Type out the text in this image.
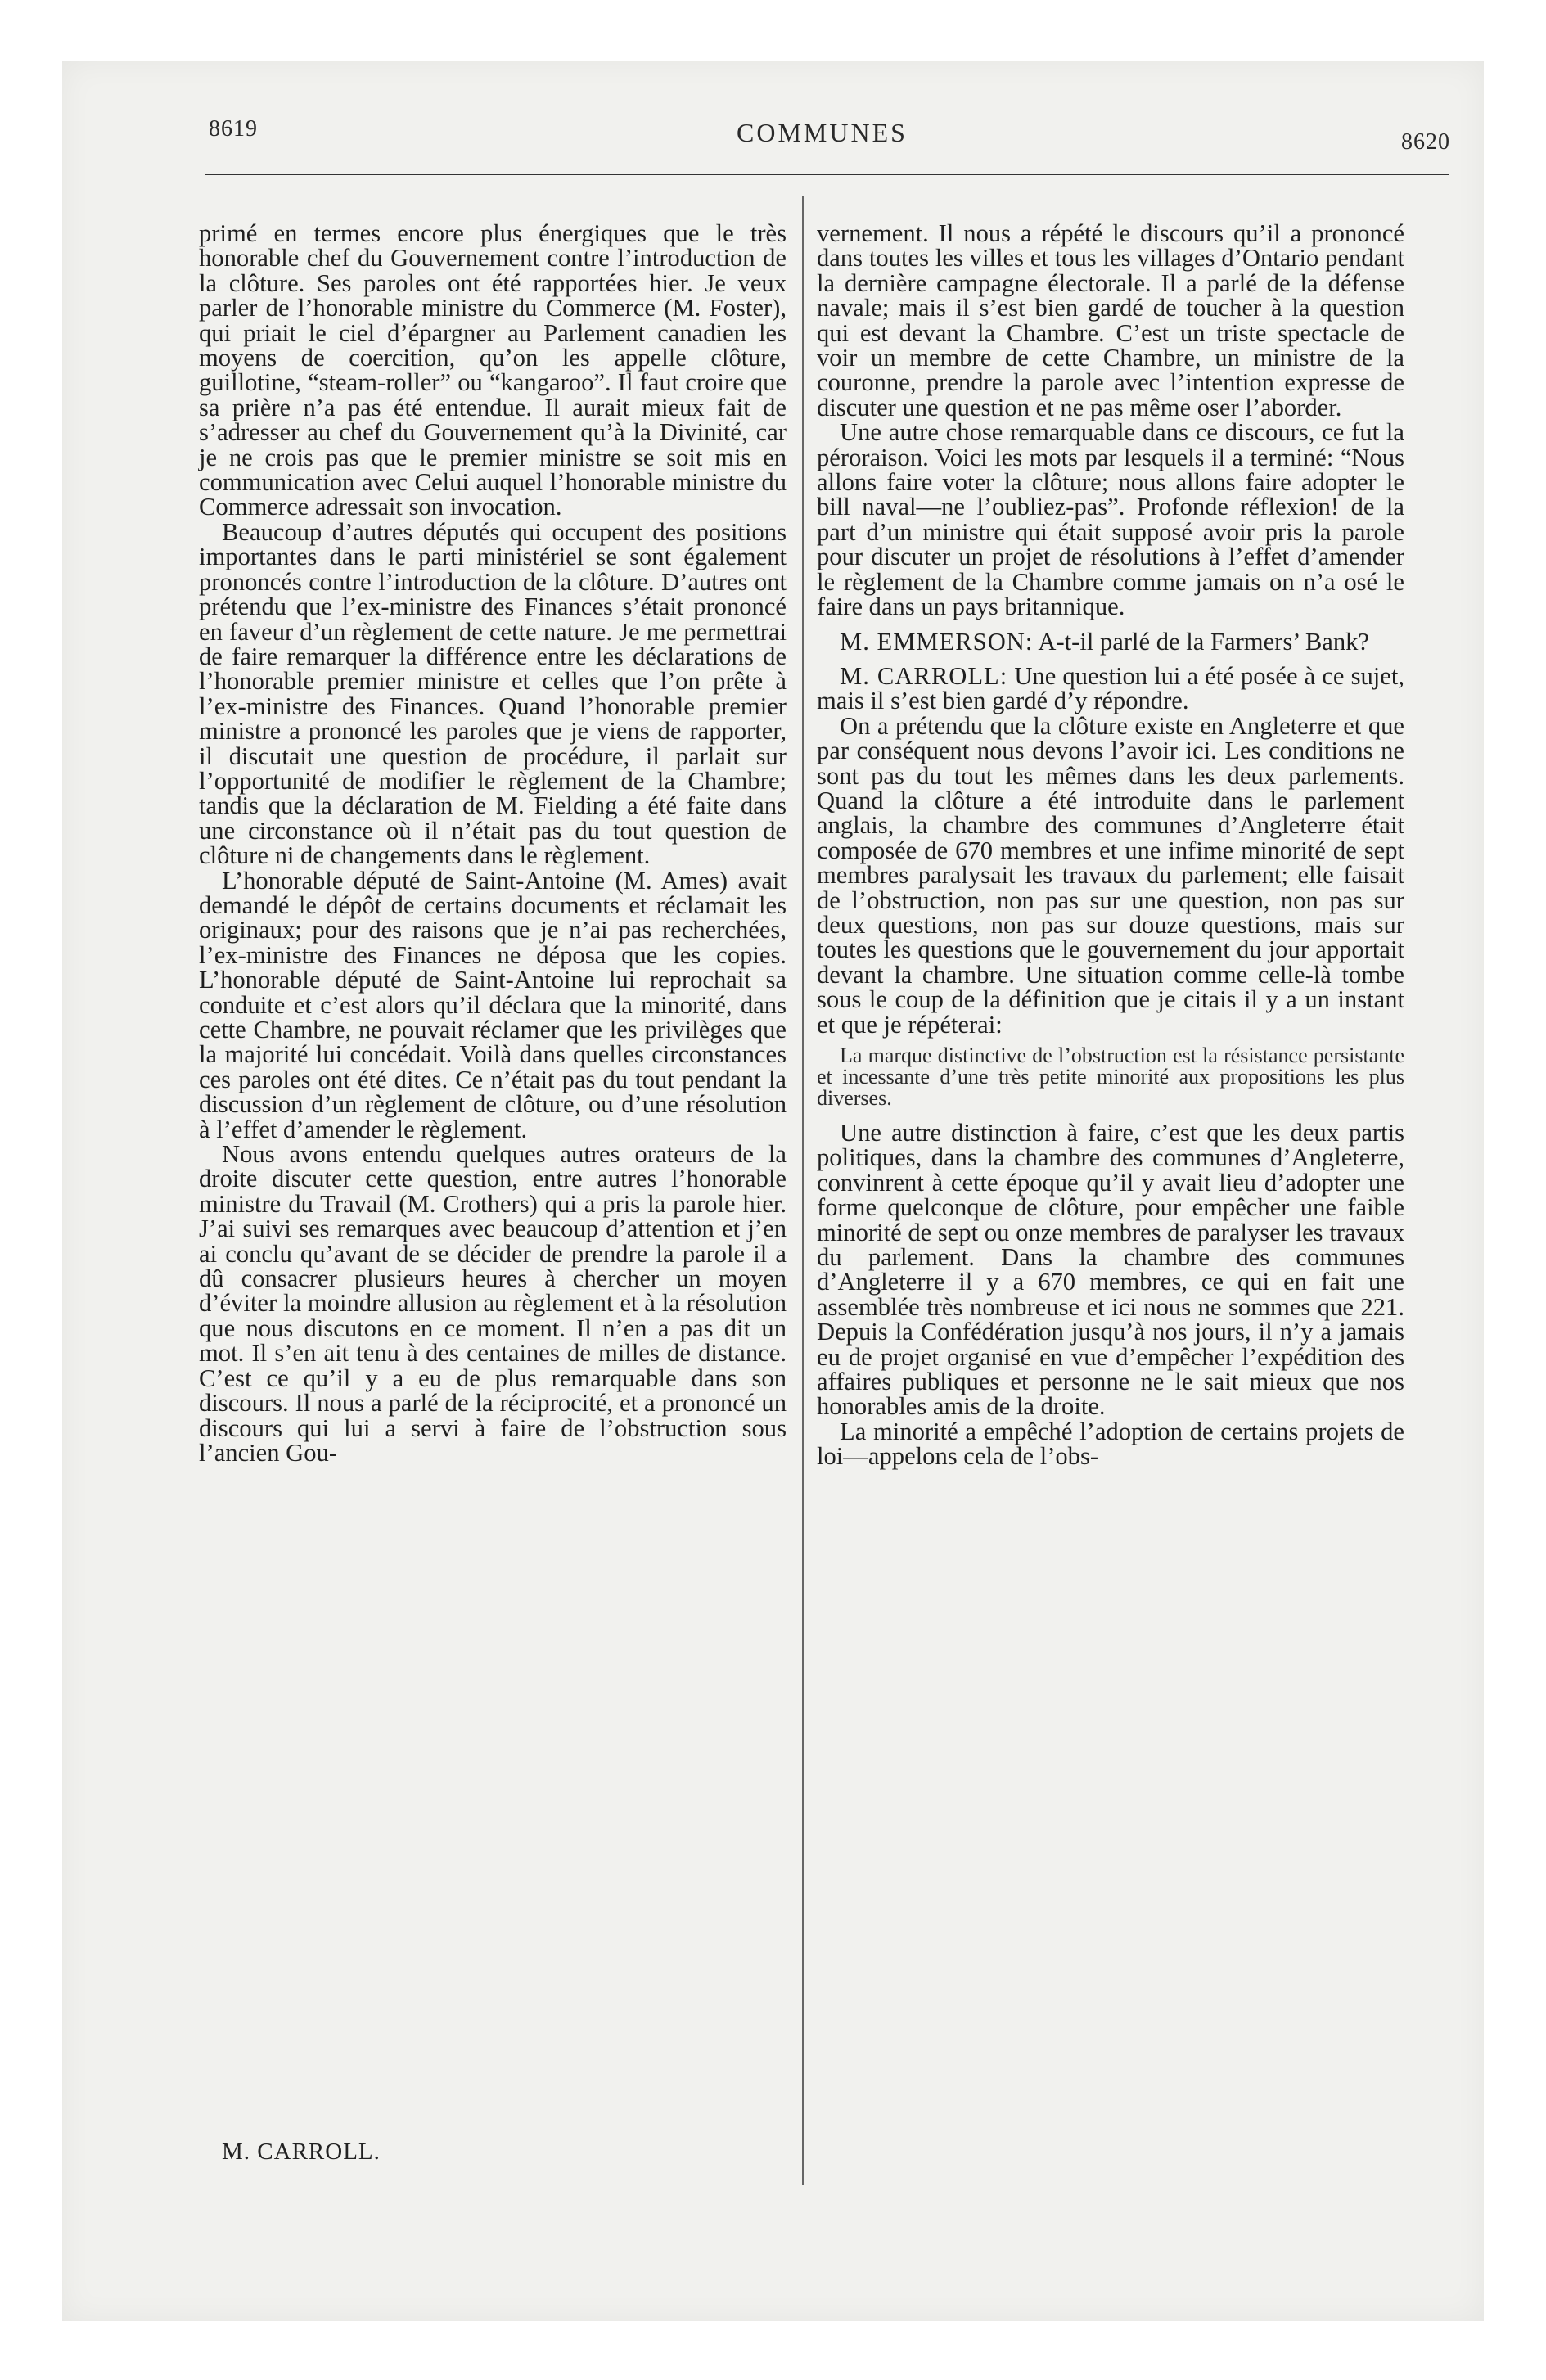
8619	COMMUNES	8620

primé en termes encore plus énergiques que le très honorable chef du Gouvernement contre l’introduction de la clôture. Ses paroles ont été rapportées hier. Je veux parler de l’honorable ministre du Commerce (M. Foster), qui priait le ciel d’épargner au Parlement canadien les moyens de coercition, qu’on les appelle clôture, guillotine, “steam-roller” ou “kangaroo”. Il faut croire que sa prière n’a pas été entendue. Il aurait mieux fait de s’adresser au chef du Gouvernement qu’à la Divinité, car je ne crois pas que le premier ministre se soit mis en communication avec Celui auquel l’honorable ministre du Commerce adressait son invocation.

Beaucoup d’autres députés qui occupent des positions importantes dans le parti ministériel se sont également prononcés contre l’introduction de la clôture. D’autres ont prétendu que l’ex-ministre des Finances s’était prononcé en faveur d’un règlement de cette nature. Je me permettrai de faire remarquer la différence entre les déclarations de l’honorable premier ministre et celles que l’on prête à l’ex-ministre des Finances. Quand l’honorable premier ministre a prononcé les paroles que je viens de rapporter, il discutait une question de procédure, il parlait sur l’opportunité de modifier le règlement de la Chambre; tandis que la déclaration de M. Fielding a été faite dans une circonstance où il n’était pas du tout question de clôture ni de changements dans le règlement.

L’honorable député de Saint-Antoine (M. Ames) avait demandé le dépôt de certains documents et réclamait les originaux; pour des raisons que je n’ai pas recherchées, l’ex-ministre des Finances ne déposa que les copies. L’honorable député de Saint-Antoine lui reprochait sa conduite et c’est alors qu’il déclara que la minorité, dans cette Chambre, ne pouvait réclamer que les privilèges que la majorité lui concédait. Voilà dans quelles circonstances ces paroles ont été dites. Ce n’était pas du tout pendant la discussion d’un règlement de clôture, ou d’une résolution à l’effet d’amender le règlement.

Nous avons entendu quelques autres orateurs de la droite discuter cette question, entre autres l’honorable ministre du Travail (M. Crothers) qui a pris la parole hier. J’ai suivi ses remarques avec beaucoup d’attention et j’en ai conclu qu’avant de se décider de prendre la parole il a dû consacrer plusieurs heures à chercher un moyen d’éviter la moindre allusion au règlement et à la résolution que nous discutons en ce moment. Il n’en a pas dit un mot. Il s’en ait tenu à des centaines de milles de distance. C’est ce qu’il y a eu de plus remarquable dans son discours. Il nous a parlé de la réciprocité, et a prononcé un discours qui lui a servi à faire de l’obstruction sous l’ancien Gou-

M. CARROLL.

vernement. Il nous a répété le discours qu’il a prononcé dans toutes les villes et tous les villages d’Ontario pendant la dernière campagne électorale. Il a parlé de la défense navale; mais il s’est bien gardé de toucher à la question qui est devant la Chambre. C’est un triste spectacle de voir un membre de cette Chambre, un ministre de la couronne, prendre la parole avec l’intention expresse de discuter une question et ne pas même oser l’aborder.

Une autre chose remarquable dans ce discours, ce fut la péroraison. Voici les mots par lesquels il a terminé: “Nous allons faire voter la clôture; nous allons faire adopter le bill naval—ne l’oubliez-pas”. Profonde réflexion! de la part d’un ministre qui était supposé avoir pris la parole pour discuter un projet de résolutions à l’effet d’amender le règlement de la Chambre comme jamais on n’a osé le faire dans un pays britannique.

M. EMMERSON: A-t-il parlé de la Farmers’ Bank?

M. CARROLL: Une question lui a été posée à ce sujet, mais il s’est bien gardé d’y répondre.

On a prétendu que la clôture existe en Angleterre et que par conséquent nous devons l’avoir ici. Les conditions ne sont pas du tout les mêmes dans les deux parlements. Quand la clôture a été introduite dans le parlement anglais, la chambre des communes d’Angleterre était composée de 670 membres et une infime minorité de sept membres paralysait les travaux du parlement; elle faisait de l’obstruction, non pas sur une question, non pas sur deux questions, non pas sur douze questions, mais sur toutes les questions que le gouvernement du jour apportait devant la chambre. Une situation comme celle-là tombe sous le coup de la définition que je citais il y a un instant et que je répéterai:

La marque distinctive de l’obstruction est la résistance persistante et incessante d’une très petite minorité aux propositions les plus diverses.

Une autre distinction à faire, c’est que les deux partis politiques, dans la chambre des communes d’Angleterre, convinrent à cette époque qu’il y avait lieu d’adopter une forme quelconque de clôture, pour empêcher une faible minorité de sept ou onze membres de paralyser les travaux du parlement. Dans la chambre des communes d’Angleterre il y a 670 membres, ce qui en fait une assemblée très nombreuse et ici nous ne sommes que 221. Depuis la Confédération jusqu’à nos jours, il n’y a jamais eu de projet organisé en vue d’empêcher l’expédition des affaires publiques et personne ne le sait mieux que nos honorables amis de la droite.

La minorité a empêché l’adoption de certains projets de loi—appelons cela de l’obs-
